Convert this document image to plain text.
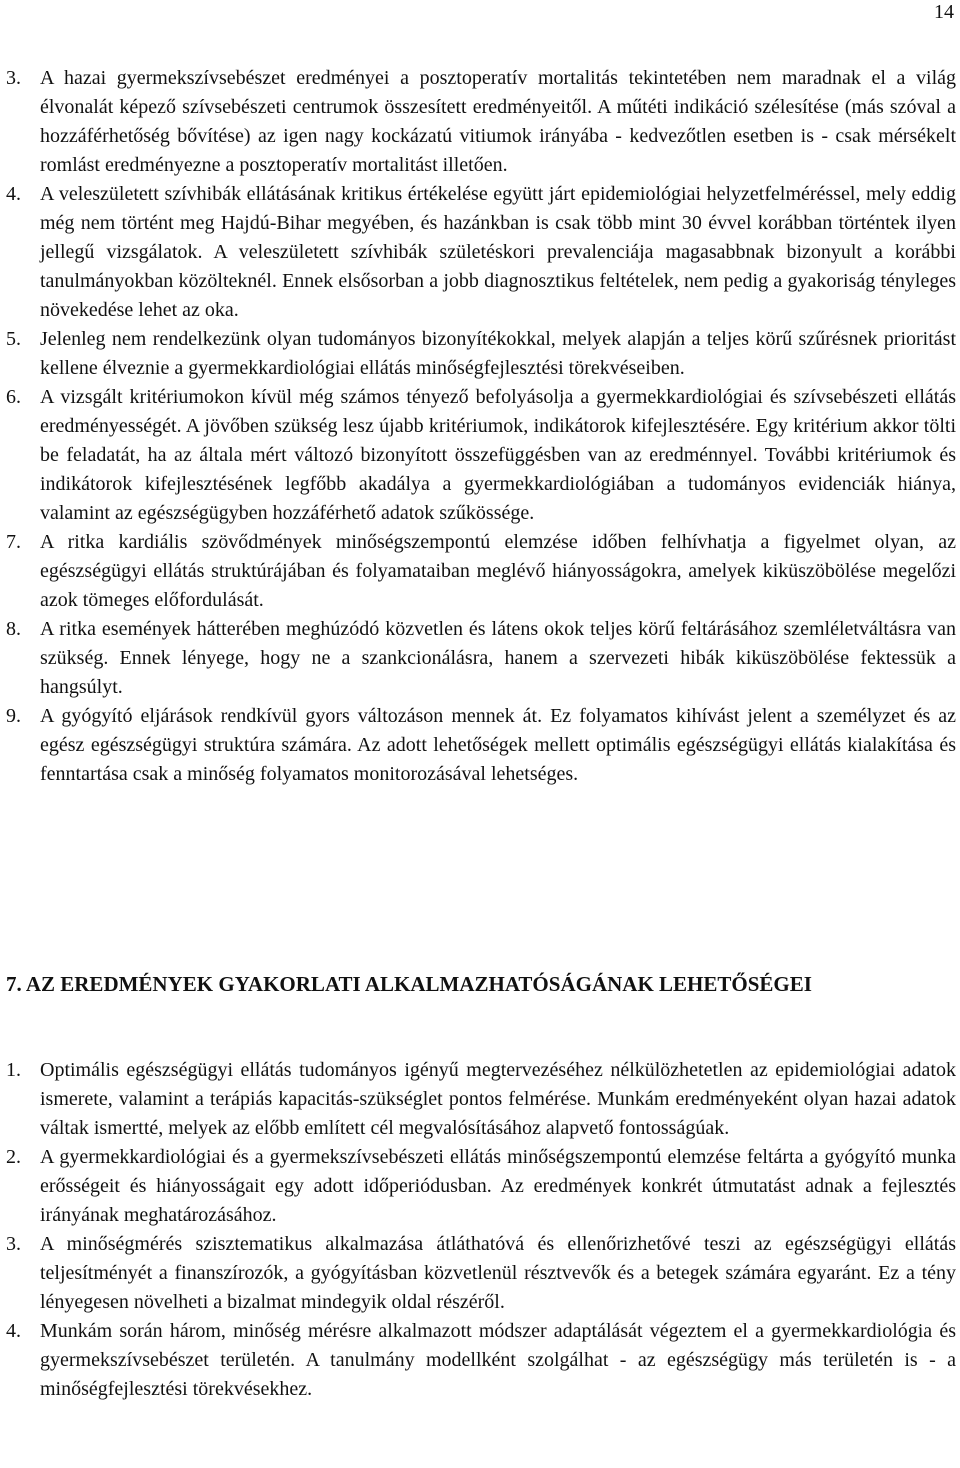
14
3. A hazai gyermekszívsebészet eredményei a posztoperatív mortalitás tekintetében nem maradnak el a világ élvonalát képező szívsebészeti centrumok összesített eredményeitől. A műtéti indikáció szélesítése (más szóval a hozzáférhetőség bővítése) az igen nagy kockázatú vitiumok irányába - kedvezőtlen esetben is - csak mérsékelt romlást eredményezne a posztoperatív mortalitást illetően.
4. A veleszületett szívhibák ellátásának kritikus értékelése együtt járt epidemiológiai helyzetfelméréssel, mely eddig még nem történt meg Hajdú-Bihar megyében, és hazánkban is csak több mint 30 évvel korábban történtek ilyen jellegű vizsgálatok. A veleszületett szívhibák születéskori prevalenciája magasabbnak bizonyult a korábbi tanulmányokban közölteknél. Ennek elsősorban a jobb diagnosztikus feltételek, nem pedig a gyakoriság tényleges növekedése lehet az oka.
5. Jelenleg nem rendelkezünk olyan tudományos bizonyítékokkal, melyek alapján a teljes körű szűrésnek prioritást kellene élveznie a gyermekkardiológiai ellátás minőségfejlesztési törekvéseiben.
6. A vizsgált kritériumokon kívül még számos tényező befolyásolja a gyermekkardiológiai és szívsebészeti ellátás eredményességét. A jövőben szükség lesz újabb kritériumok, indikátorok kifejlesztésére. Egy kritérium akkor tölti be feladatát, ha az általa mért változó bizonyított összefüggésben van az eredménnyel. További kritériumok és indikátorok kifejlesztésének legfőbb akadálya a gyermekkardiológiában a tudományos evidenciák hiánya, valamint az egészségügyben hozzáférhető adatok szűkössége.
7. A ritka kardiális szövődmények minőségszempontú elemzése időben felhívhatja a figyelmet olyan, az egészségügyi ellátás struktúrájában és folyamataiban meglévő hiányosságokra, amelyek kiküszöbölése megelőzi azok tömeges előfordulását.
8. A ritka események hátterében meghúzódó közvetlen és látens okok teljes körű feltárásához szemléletváltásra van szükség. Ennek lényege, hogy ne a szankcionálásra, hanem a szervezeti hibák kiküszöbölése fektessük a hangsúlyt.
9. A gyógyító eljárások rendkívül gyors változáson mennek át. Ez folyamatos kihívást jelent a személyzet és az egész egészségügyi struktúra számára. Az adott lehetőségek mellett optimális egészségügyi ellátás kialakítása és fenntartása csak a minőség folyamatos monitorozásával lehetséges.
7. AZ EREDMÉNYEK GYAKORLATI ALKALMAZHATÓSÁGÁNAK LEHETŐSÉGEI
1. Optimális egészségügyi ellátás tudományos igényű megtervezéséhez nélkülözhetetlen az epidemiológiai adatok ismerete, valamint a terápiás kapacitás-szükséglet pontos felmérése. Munkám eredményeként olyan hazai adatok váltak ismertté, melyek az előbb említett cél megvalósításához alapvető fontosságúak.
2. A gyermekkardiológiai és a gyermekszívsebészeti ellátás minőségszempontú elemzése feltárta a gyógyító munka erősségeit és hiányosságait egy adott időperiódusban. Az eredmények konkrét útmutatást adnak a fejlesztés irányának meghatározásához.
3. A minőségmérés szisztematikus alkalmazása átláthatóvá és ellenőrizhetővé teszi az egészségügyi ellátás teljesítményét a finanszírozók, a gyógyításban közvetlenül résztvevők és a betegek számára egyaránt. Ez a tény lényegesen növelheti a bizalmat mindegyik oldal részéről.
4. Munkám során három, minőség mérésre alkalmazott módszer adaptálását végeztem el a gyermekkardiológia és gyermekszívsebészet területén. A tanulmány modellként szolgálhat - az egészségügy más területén is - a minőségfejlesztési törekvésekhez.
